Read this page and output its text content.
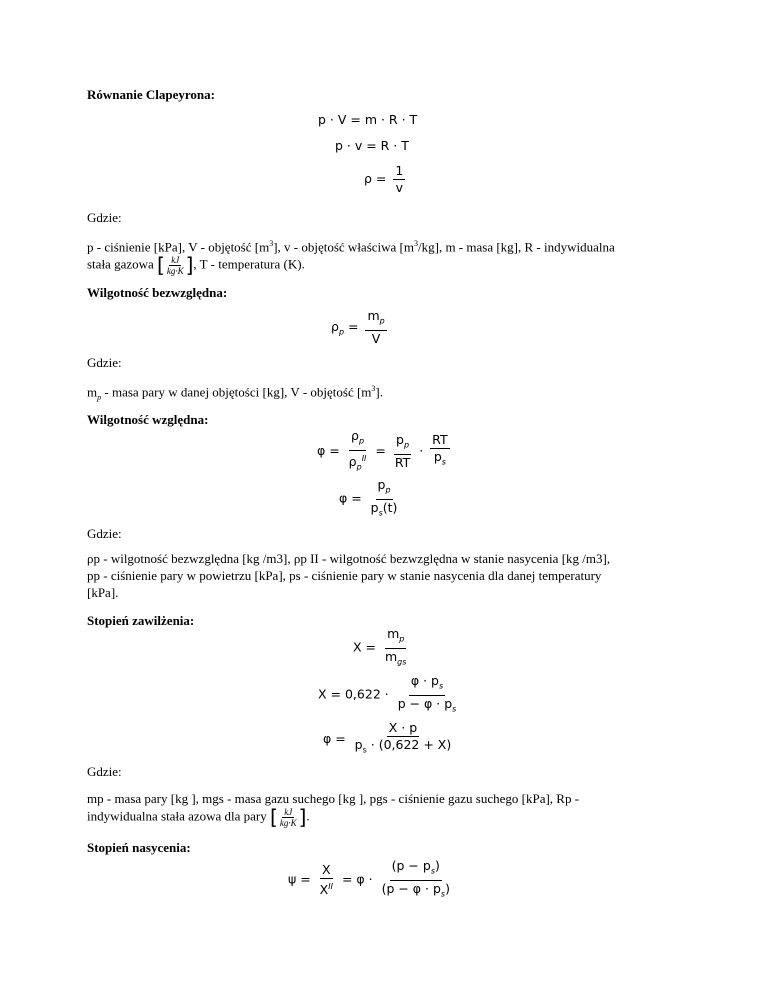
Równanie Clapeyrona:
p · V = m · R · T
p · v = R · T
$\rho = \frac{1}{v}$
Gdzie:
p - ciśnienie [kPa], V - objętość $[m^3]$, v - objętość właściwa $[m^3/kg]$, m - masa [kg], R - indywidualna
stała gazowa [ $\frac{kJ}{kg\cdot K}$ ], T - temperatura (K).
Wilgotność bezwzględna:
$\rho_p = \frac{m_p}{V}$
Gdzie:
$m_p$ - masa pary w danej objętości [kg], V - objętość $[m^3]$.
Wilgotność względna:
$\varphi = \frac{\rho_p}{\rho_p^{II}} = \frac{p_p}{RT} \cdot \frac{RT}{p_s}$
$\varphi = \frac{p_p}{p_s(t)}$
Gdzie:
ρp - wilgotność bezwzględna [kg /m3], ρp II - wilgotność bezwzględna w stanie nasycenia [kg /m3],
pp - ciśnienie pary w powietrzu [kPa], ps - ciśnienie pary w stanie nasycenia dla danej temperatury
[kPa].
Stopień zawilżenia:
$X = \frac{m_p}{m_{gs}}$
$X = 0,622 \cdot \frac{\varphi \cdot p_s}{p - \varphi \cdot p_s}$
$\varphi = \frac{X \cdot p}{p_s \cdot (0,622 + X)}$
Gdzie:
mp - masa pary [kg ], mgs - masa gazu suchego [kg ], pgs - ciśnienie gazu suchego [kPa], Rp -
indywidualna stała azowa dla pary [ $\frac{kJ}{kg\cdot K}$ ].
Stopień nasycenia:
$\psi = \frac{X}{X^{II}} = \varphi \cdot \frac{(p - p_s)}{(p - \varphi \cdot p_s)}$
